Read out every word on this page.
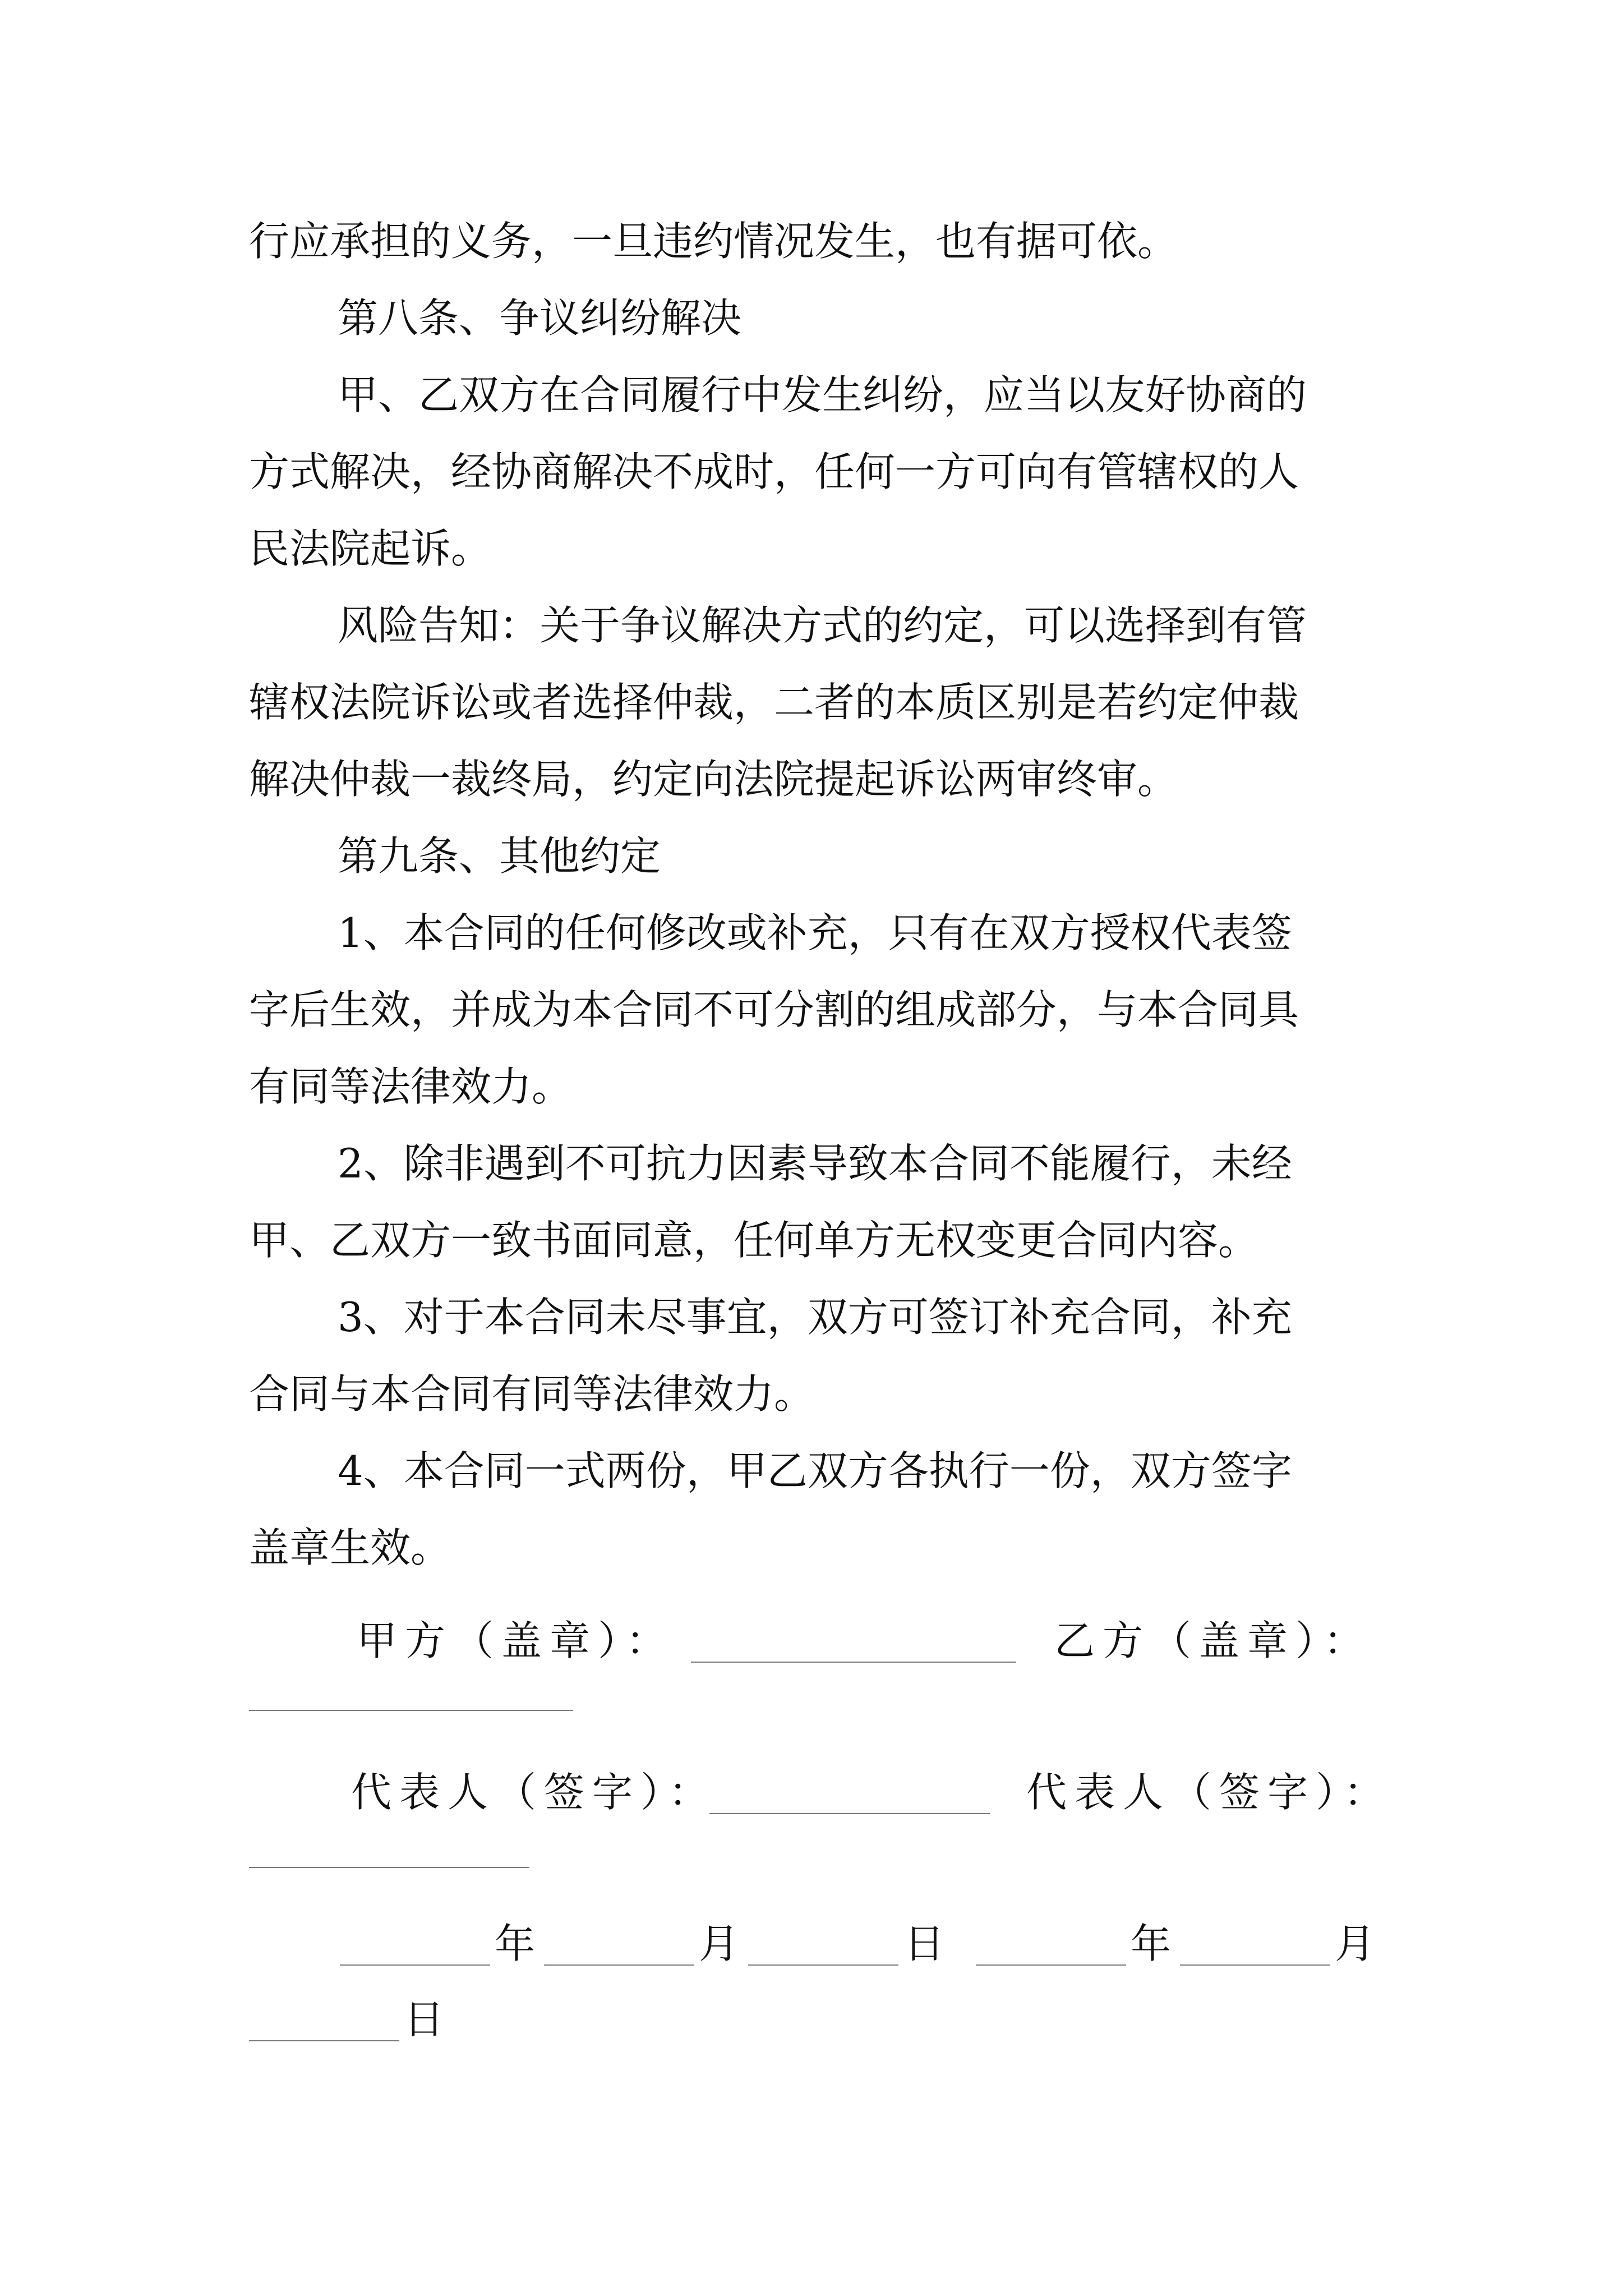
行应承担的义务，一旦违约情况发生，也有据可依。
第八条、争议纠纷解决
甲、乙双方在合同履行中发生纠纷，应当以友好协商的
方式解决，经协商解决不成时，任何一方可向有管辖权的人
民法院起诉。
风险告知：关于争议解决方式的约定，可以选择到有管
辖权法院诉讼或者选择仲裁，二者的本质区别是若约定仲裁
解决仲裁一裁终局，约定向法院提起诉讼两审终审。
第九条、其他约定
1、本合同的任何修改或补充，只有在双方授权代表签
字后生效，并成为本合同不可分割的组成部分，与本合同具
有同等法律效力。
2、除非遇到不可抗力因素导致本合同不能履行，未经
甲、乙双方一致书面同意，任何单方无权变更合同内容。
3、对于本合同未尽事宜，双方可签订补充合同，补充
合同与本合同有同等法律效力。
4、本合同一式两份，甲乙双方各执行一份，双方签字
盖章生效。
甲方（盖章）：	乙方（盖章）：
代表人（签字）：	代表人（签字）：
年	月	日	年	月
日
